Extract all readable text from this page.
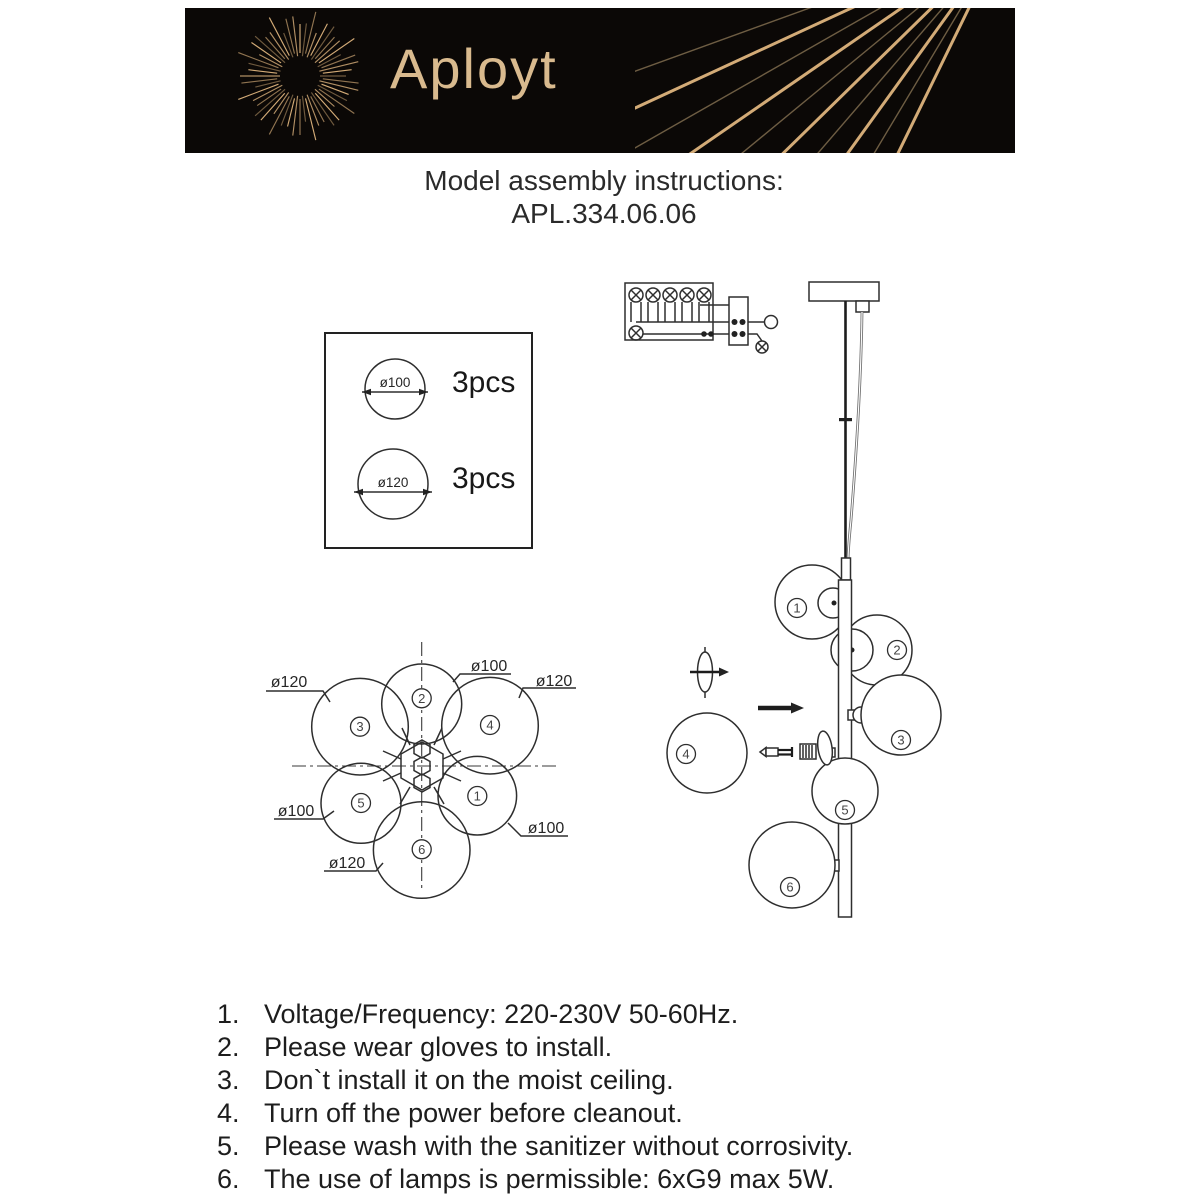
Aployt
Model assembly instructions:
APL.334.06.06
ø100
ø120
3pcs
3pcs
2
3	4
5	1
6
ø120
ø100
ø120
ø100
ø100
ø120
1
2
3
4
5
6
1. Voltage/Frequency: 220-230V 50-60Hz.
2. Please wear gloves to install.
3. Don`t install it on the moist ceiling.
4. Turn off the power before cleanout.
5. Please wash with the sanitizer without corrosivity.
6. The use of lamps is permissible: 6xG9 max 5W.
